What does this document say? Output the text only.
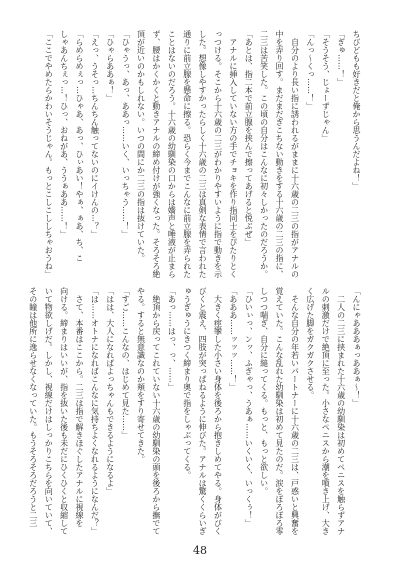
ちびどもも好きだと俺から思うんだよね！」
「ぎゅ……！」
「そうそう、じょーずじゃん」
「んっ〜くっ……！」
　自分のより長い指に誘われるがままに十六歳の二三の指がアナルの
中を弄り回す。まだまだぎこちない動きをする十六歳の二三の指に、
二三は苦笑した。この頃の自分はこんなに初々しかったのだろうか。
「あとは、指二本で前立腺を挟んで擦ってあげると悦ぶぜ」
　アナルに挿入していない方の手でチョキを作り指同士をぴたりとく
っつける。そこから十六歳の二三がわかりやすいように指で動きを示
した。想像しやすかったらしく十六歳の二三は真剣な表情で言われた
通りに前立腺を懸命に擦る。恐らく今までこんなに前立腺を弄られた
ことはないのだろう。十六歳の幼馴染の口からは嬌声と唾液が止まら
ず、腰はかくかくと動きアナルの締め付けが強くなった。そろそろ絶
頂が近いのかもしれない。いつの間にか二三の指は抜けていた。
「ひゃうっ、あっ、ああっ……いく、いっちゃう……！」
「ひゃらああぁ！」
「えっ、うそっ…ちんちん触ってないのにイけんの…？」
「らめらめぇっ…ひゃあ、あっ、ひぃあい！やぁ、ぁあ、ち、こ
しゃあんちぇっ…！ひっ、おねがあ、ううぁああ……！」
「ここでやめたらかわいそうじゃん。もっとこしこししちゃおうね」
「んにゃあああぁっああぁ〜！」
　二人の二三に挟まれた十六歳の幼馴染は初めてペニスを触らずアナ
ルの刺激だけで絶頂に至った。小さなペニスから潮を噴き上げ、大き
く広げた脚をガクガクさせる。
　そんな自分の年若いパートナーに十六歳の二三は、戸惑いと興奮を
覚えていた。こんな乱れた幼馴染は初めて見たのだ。涙をぼろぼろ零
しつつ喘ぎ、自分に縋ってくる。もっと、もっと欲しい。
「ひいぃっ、ンッ、ふぎゃっ、うあぁ……いくいく、いっくぅ！」
「あああ……ッッッ……！」
　大きく痙攣した小さい身体を後ろから抱きしめてやる。身体がびく
びくと震え、四肢が突っぱねるように伸びた。アナルは驚くくらいぎ
ゅうぎゅうにきつく締まり奥で指をしゃぶってくる。
「あっ……はっ、っ、……」
　絶頂から戻ってこれていない十六歳の幼馴染の頭を後ろから撫でて
やる。すると無意識なのか頬をすり寄せてきた。
「すご……こんなの、はじめて見た……」
「はは、大人になればよっちゃんもできるようになるよ」
「は……オトナになればこんなに気持ちよくなれるようになんだ？」
　さて、本番はここから。二三は指で解きほぐしたアナルに視線を
向ける。締まりはいいが、指を抜いた後も未だにひくひくと収縮して
いて物欲しげだ。しかし、視線だけはしっかりこちらを向いていて、
その瞳は他所に逸らせなくなっていた。もうそろそろだろうと二三
48
